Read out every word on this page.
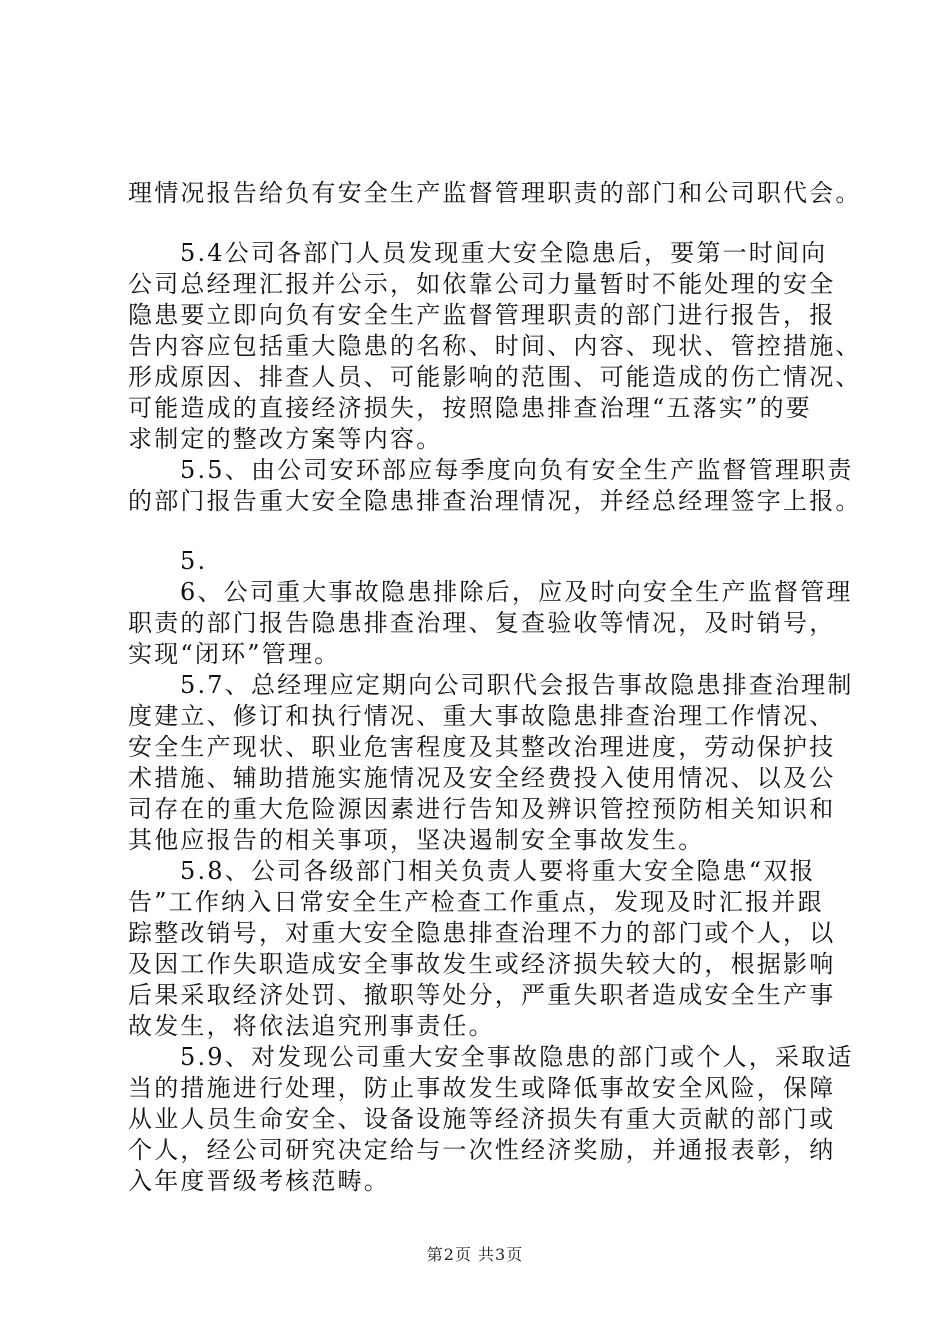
理情况报告给负有安全生产监督管理职责的部门和公司职代会。
5.4公司各部门人员发现重大安全隐患后，要第一时间向
公司总经理汇报并公示，如依靠公司力量暂时不能处理的安全
隐患要立即向负有安全生产监督管理职责的部门进行报告，报
告内容应包括重大隐患的名称、时间、内容、现状、管控措施、
形成原因、排查人员、可能影响的范围、可能造成的伤亡情况、
可能造成的直接经济损失，按照隐患排查治理“五落实”的要
求制定的整改方案等内容。
5.5、由公司安环部应每季度向负有安全生产监督管理职责
的部门报告重大安全隐患排查治理情况，并经总经理签字上报。
5.
6、公司重大事故隐患排除后，应及时向安全生产监督管理
职责的部门报告隐患排查治理、复查验收等情况，及时销号，
实现“闭环”管理。
5.7、总经理应定期向公司职代会报告事故隐患排查治理制
度建立、修订和执行情况、重大事故隐患排查治理工作情况、
安全生产现状、职业危害程度及其整改治理进度，劳动保护技
术措施、辅助措施实施情况及安全经费投入使用情况、以及公
司存在的重大危险源因素进行告知及辨识管控预防相关知识和
其他应报告的相关事项，坚决遏制安全事故发生。
5.8、公司各级部门相关负责人要将重大安全隐患“双报
告”工作纳入日常安全生产检查工作重点，发现及时汇报并跟
踪整改销号，对重大安全隐患排查治理不力的部门或个人，以
及因工作失职造成安全事故发生或经济损失较大的，根据影响
后果采取经济处罚、撤职等处分，严重失职者造成安全生产事
故发生，将依法追究刑事责任。
5.9、对发现公司重大安全事故隐患的部门或个人，采取适
当的措施进行处理，防止事故发生或降低事故安全风险，保障
从业人员生命安全、设备设施等经济损失有重大贡献的部门或
个人，经公司研究决定给与一次性经济奖励，并通报表彰，纳
入年度晋级考核范畴。
第2页 共3页
